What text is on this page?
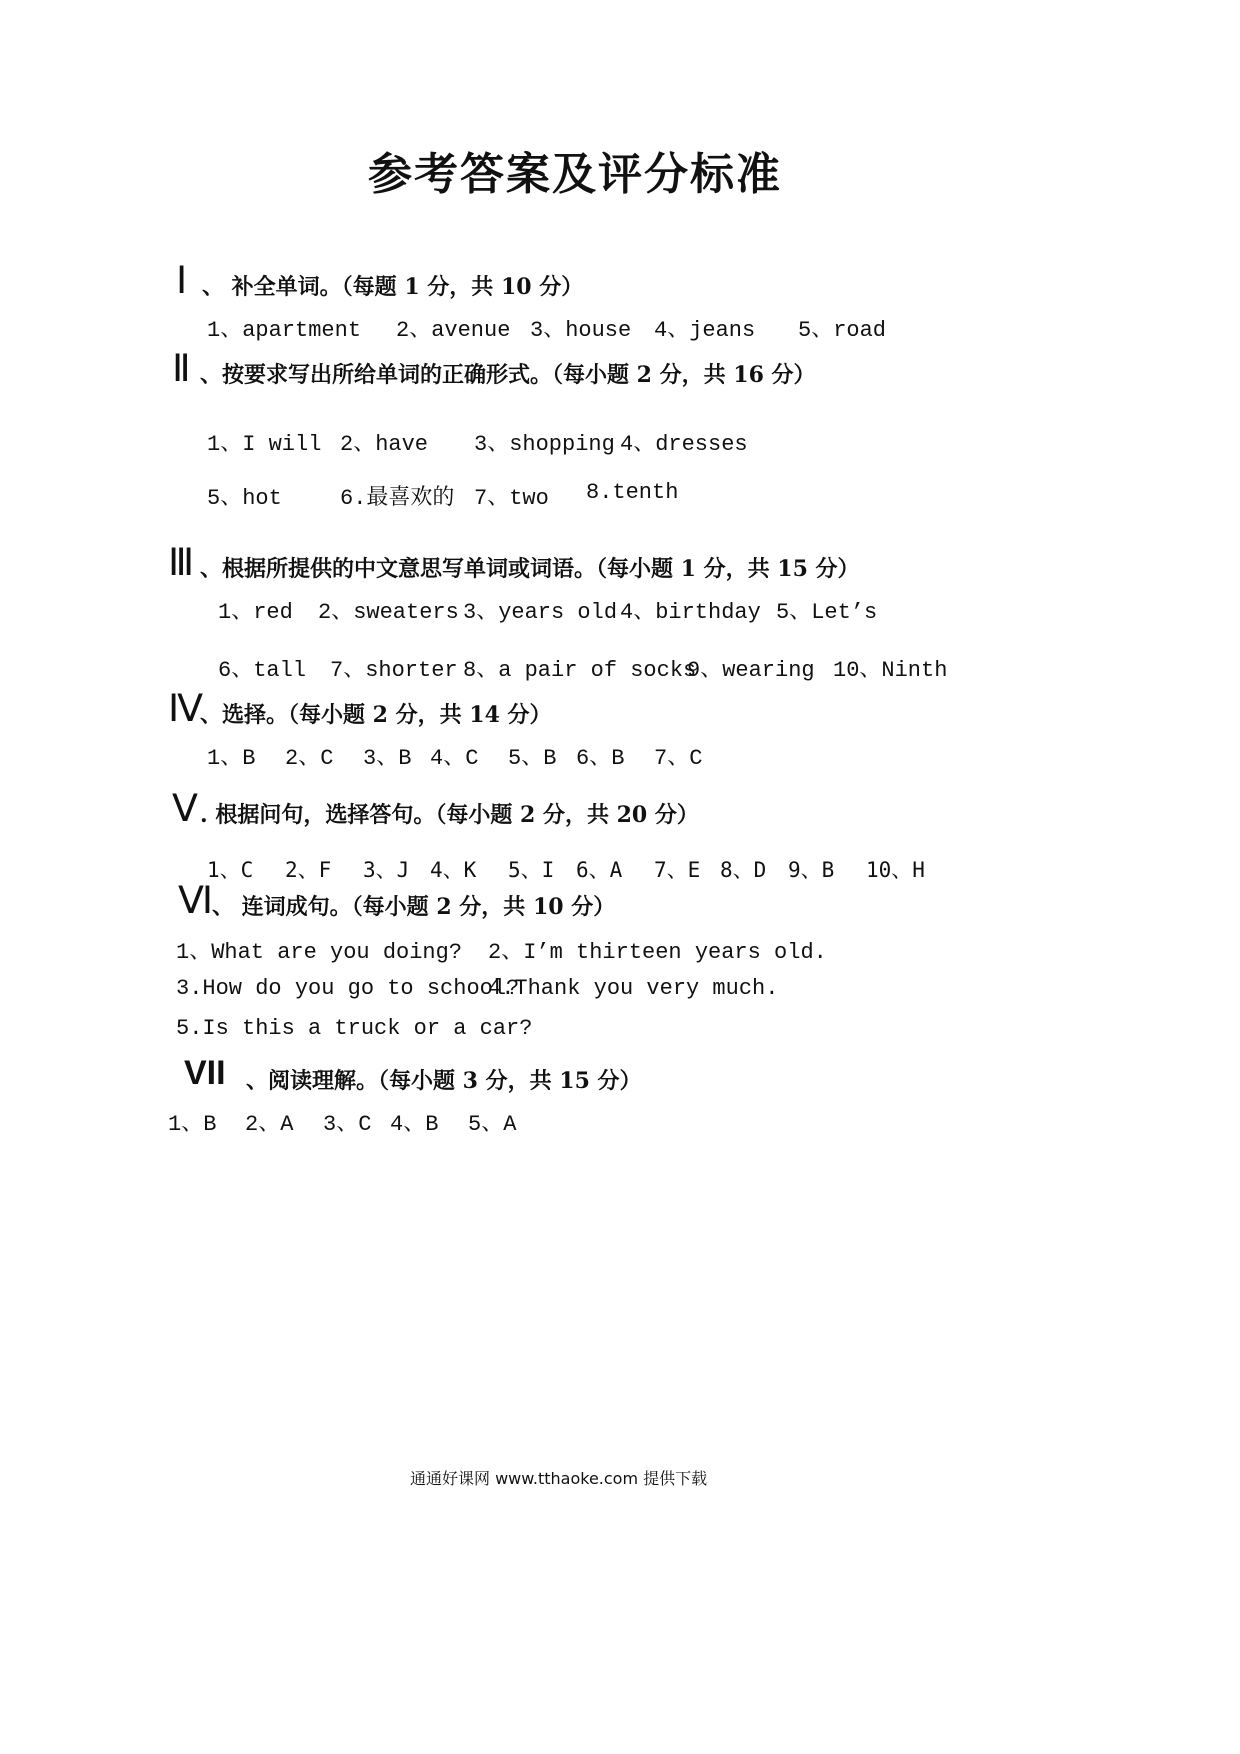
参考答案及评分标准
Ⅰ 、 补全单词。（每题 1 分，共 10 分）
1、apartment 2、avenue 3、house 4、jeans 5、road
Ⅱ 、按要求写出所给单词的正确形式。（每小题 2 分，共 16 分）
1、I will 2、have 3、shopping 4、dresses
5、hot	6.最喜欢的 7、two 8.tenth
Ⅲ 、根据所提供的中文意思写单词或词语。（每小题 1 分，共 15 分）
1、red 2、sweaters 3、years old 4、birthday 5、Let’s
6、tall 7、shorter 8、a pair of socks
9、wearing 10、Ninth
Ⅳ
、选择。（每小题 2 分，共 14 分）
1、B 2、C 3、B 4、C 5、B 6、B 7、C
Ⅴ . 根据问句，选择答句。（每小题 2 分，共 20 分）
1、C 2、F 3、J 4、K 5、I 6、A 7、E 8、D 9、B 10、H
Ⅵ
、 连词成句。（每小题 2 分，共 10 分）
1、What are you doing? 2、I’m thirteen years old.
3.How do you go to school?
4.Thank you very much.
5.Is this a truck or a car?
VII 、阅读理解。（每小题 3 分，共 15 分）
1、B 2、A 3、C 4、B 5、A
通通好课网 www.tthaoke.com 提供下载
